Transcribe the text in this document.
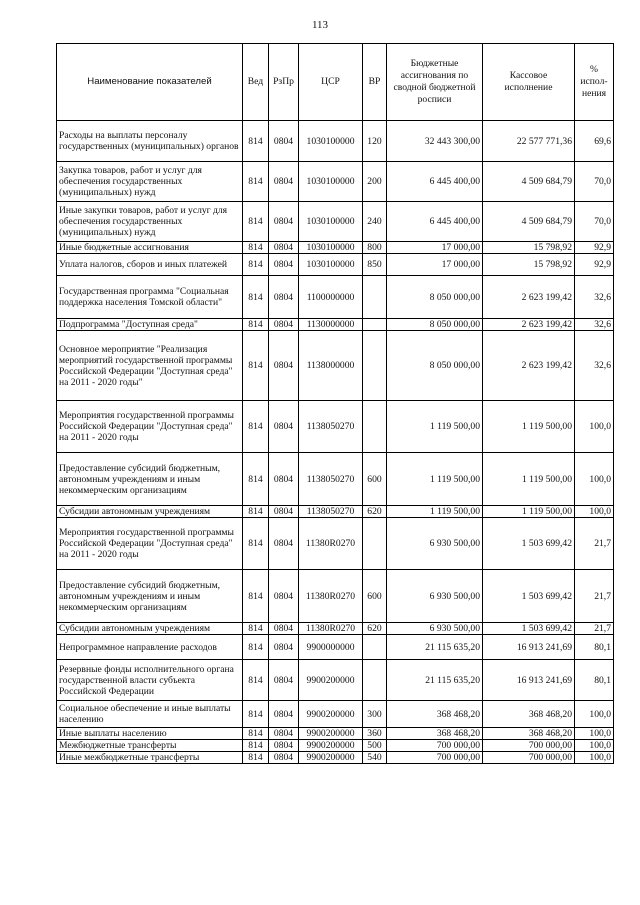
113
Наименование показателей	Вед	РзПр	ЦСР	ВР	Бюджетные ассигнования по сводной бюджетной росписи	Кассовое исполнение	% испол-нения
Расходы на выплаты персоналу государственных (муниципальных) органов	814	0804	1030100000	120	32 443 300,00	22 577 771,36	69,6
Закупка товаров, работ и услуг для обеспечения государственных (муниципальных) нужд	814	0804	1030100000	200	6 445 400,00	4 509 684,79	70,0
Иные закупки товаров, работ и услуг для обеспечения государственных (муниципальных) нужд	814	0804	1030100000	240	6 445 400,00	4 509 684,79	70,0
Иные бюджетные ассигнования	814	0804	1030100000	800	17 000,00	15 798,92	92,9
Уплата налогов, сборов и иных платежей	814	0804	1030100000	850	17 000,00	15 798,92	92,9
Государственная программа "Социальная поддержка населения Томской области"	814	0804	1100000000		8 050 000,00	2 623 199,42	32,6
Подпрограмма "Доступная среда"	814	0804	1130000000		8 050 000,00	2 623 199,42	32,6
Основное мероприятие "Реализация мероприятий государственной программы Российской Федерации "Доступная среда" на 2011 - 2020 годы"	814	0804	1138000000		8 050 000,00	2 623 199,42	32,6
Мероприятия государственной программы Российской Федерации "Доступная среда" на 2011 - 2020 годы	814	0804	1138050270		1 119 500,00	1 119 500,00	100,0
Предоставление субсидий бюджетным, автономным учреждениям и иным некоммерческим организациям	814	0804	1138050270	600	1 119 500,00	1 119 500,00	100,0
Субсидии автономным учреждениям	814	0804	1138050270	620	1 119 500,00	1 119 500,00	100,0
Мероприятия государственной программы Российской Федерации "Доступная среда" на 2011 - 2020 годы	814	0804	11380R0270		6 930 500,00	1 503 699,42	21,7
Предоставление субсидий бюджетным, автономным учреждениям и иным некоммерческим организациям	814	0804	11380R0270	600	6 930 500,00	1 503 699,42	21,7
Субсидии автономным учреждениям	814	0804	11380R0270	620	6 930 500,00	1 503 699,42	21,7
Непрограммное направление расходов	814	0804	9900000000		21 115 635,20	16 913 241,69	80,1
Резервные фонды исполнительного органа государственной власти субъекта Российской Федерации	814	0804	9900200000		21 115 635,20	16 913 241,69	80,1
Социальное обеспечение и иные выплаты населению	814	0804	9900200000	300	368 468,20	368 468,20	100,0
Иные выплаты населению	814	0804	9900200000	360	368 468,20	368 468,20	100,0
Межбюджетные трансферты	814	0804	9900200000	500	700 000,00	700 000,00	100,0
Иные межбюджетные трансферты	814	0804	9900200000	540	700 000,00	700 000,00	100,0
